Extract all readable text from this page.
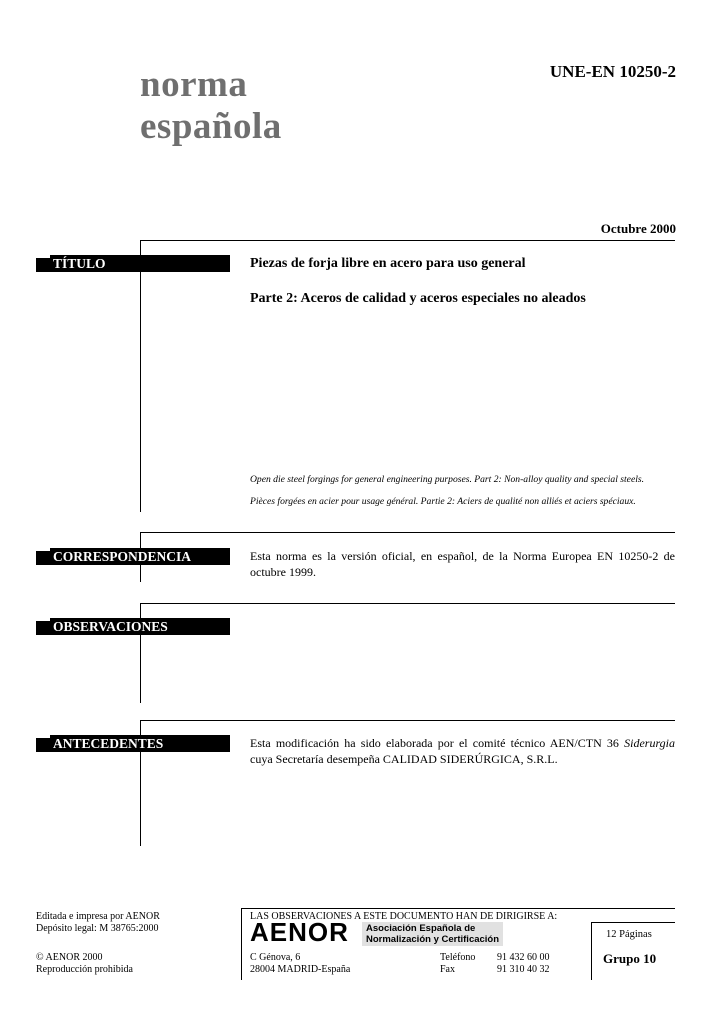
norma
española
UNE-EN 10250-2
Octubre 2000
TÍTULO
CORRESPONDENCIA
OBSERVACIONES
ANTECEDENTES
Piezas de forja libre en acero para uso general
Parte 2: Aceros de calidad y aceros especiales no aleados
Open die steel forgings for general engineering purposes. Part 2: Non-alloy quality and special steels.
Pièces forgées en acier pour usage général. Partie 2: Aciers de qualité non alliés et aciers spéciaux.
Esta norma es la versión oficial, en español, de la Norma Europea EN 10250-2 de octubre 1999.
Esta modificación ha sido elaborada por el comité técnico AEN/CTN 36 Siderurgia cuya Secretaría desempeña CALIDAD SIDERÚRGICA, S.R.L.
Editada e impresa por AENOR
Depósito legal: M 38765:2000
© AENOR 2000
Reproducción prohibida
LAS OBSERVACIONES A ESTE DOCUMENTO HAN DE DIRIGIRSE A:
AENOR Asociación Española de
Normalización y Certificación
C Génova, 6
28004 MADRID-España
Teléfono 91 432 60 00
Fax	91 310 40 32
12 Páginas
Grupo 10
